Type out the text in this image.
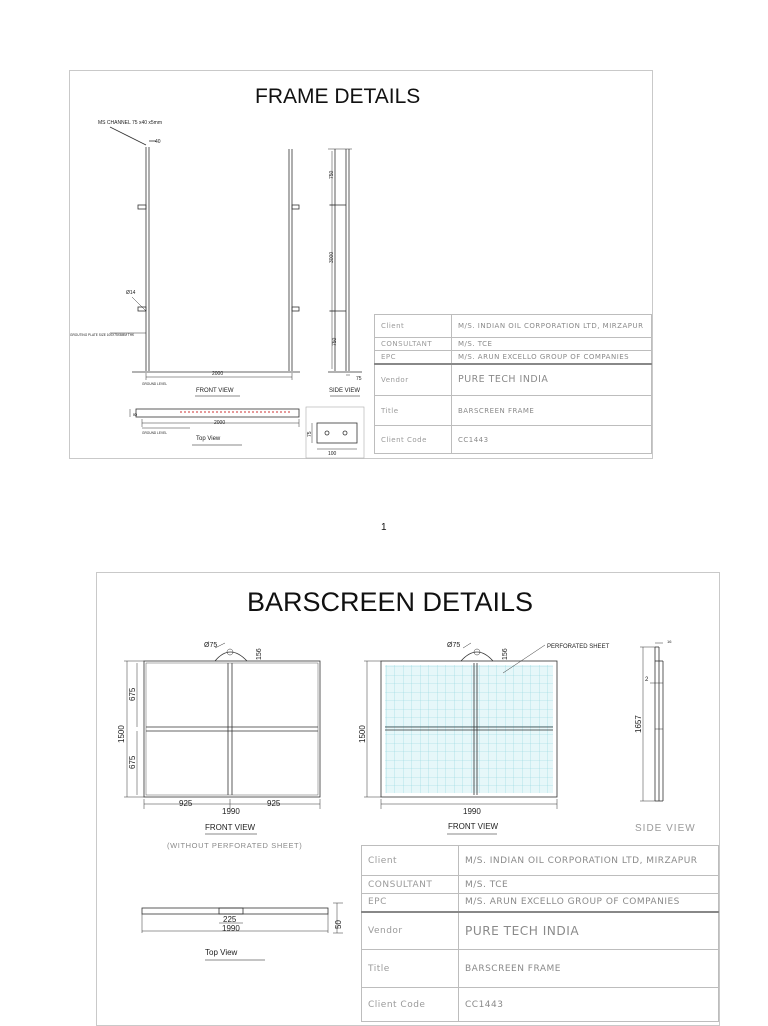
FRAME DETAILS
MS CHANNEL 75 x40 x5mm
40
Ø14
GROUTING PLATE SIZE 100X75X6MM THK
2000
GROUND LEVEL
FRONT VIEW
75
SIDE VIEW
2000
GROUND LEVEL
Top View
100
750
3000
750
8
75
Client	M/S. INDIAN OIL CORPORATION LTD, MIRZAPUR
CONSULTANT	M/S. TCE
EPC	M/S. ARUN EXCELLO GROUP OF COMPANIES
Vendor	PURE TECH INDIA
Title	BARSCREEN FRAME
Client Code	CC1443
1
BARSCREEN DETAILS
Ø75	Ø75	PERFORATED SHEET
925
1990
925
FRONT VIEW
(WITHOUT PERFORATED SHEET)
1990
FRONT VIEW
16
2
SIDE VIEW
225
1990
Top View
156	156
675
1500
675
1500
1657
50
Client	M/S. INDIAN OIL CORPORATION LTD, MIRZAPUR
CONSULTANT	M/S. TCE
EPC	M/S. ARUN EXCELLO GROUP OF COMPANIES
Vendor	PURE TECH INDIA
Title	BARSCREEN FRAME
Client Code	CC1443
